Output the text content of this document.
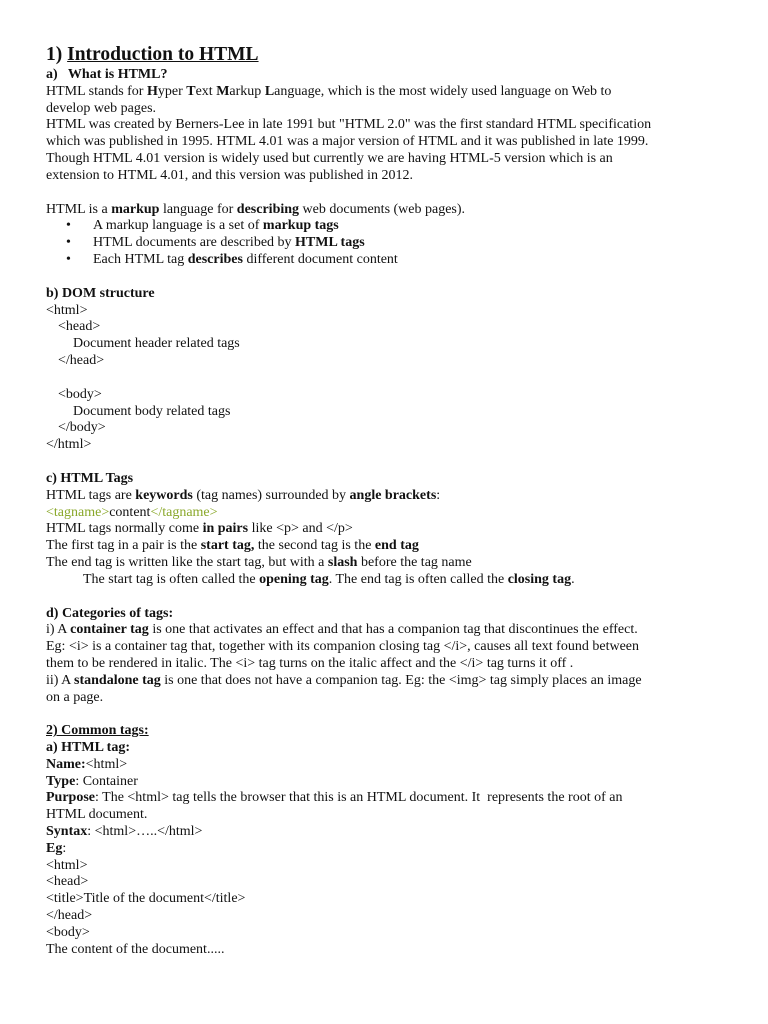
1) Introduction to HTML
a)   What is HTML?
HTML stands for Hyper Text Markup Language, which is the most widely used language on Web to
develop web pages.
HTML was created by Berners-Lee in late 1991 but "HTML 2.0" was the first standard HTML specification
which was published in 1995. HTML 4.01 was a major version of HTML and it was published in late 1999.
Though HTML 4.01 version is widely used but currently we are having HTML-5 version which is an
extension to HTML 4.01, and this version was published in 2012.
HTML is a markup language for describing web documents (web pages).
• A markup language is a set of markup tags
• HTML documents are described by HTML tags
• Each HTML tag describes different document content
b) DOM structure
<html>
<head>
Document header related tags
</head>
<body>
Document body related tags
</body>
</html>
c) HTML Tags
HTML tags are keywords (tag names) surrounded by angle brackets:
<tagname>content</tagname>
HTML tags normally come in pairs like <p> and </p>
The first tag in a pair is the start tag, the second tag is the end tag
The end tag is written like the start tag, but with a slash before the tag name
The start tag is often called the opening tag. The end tag is often called the closing tag.
d) Categories of tags:
i) A container tag is one that activates an effect and that has a companion tag that discontinues the effect.
Eg: <i> is a container tag that, together with its companion closing tag </i>, causes all text found between
them to be rendered in italic. The <i> tag turns on the italic affect and the </i> tag turns it off .
ii) A standalone tag is one that does not have a companion tag. Eg: the <img> tag simply places an image
on a page.
2) Common tags:
a) HTML tag:
Name:<html>
Type: Container
Purpose: The <html> tag tells the browser that this is an HTML document. It  represents the root of an
HTML document.
Syntax: <html>…..</html>
Eg:
<html>
<head>
<title>Title of the document</title>
</head>
<body>
The content of the document.....
